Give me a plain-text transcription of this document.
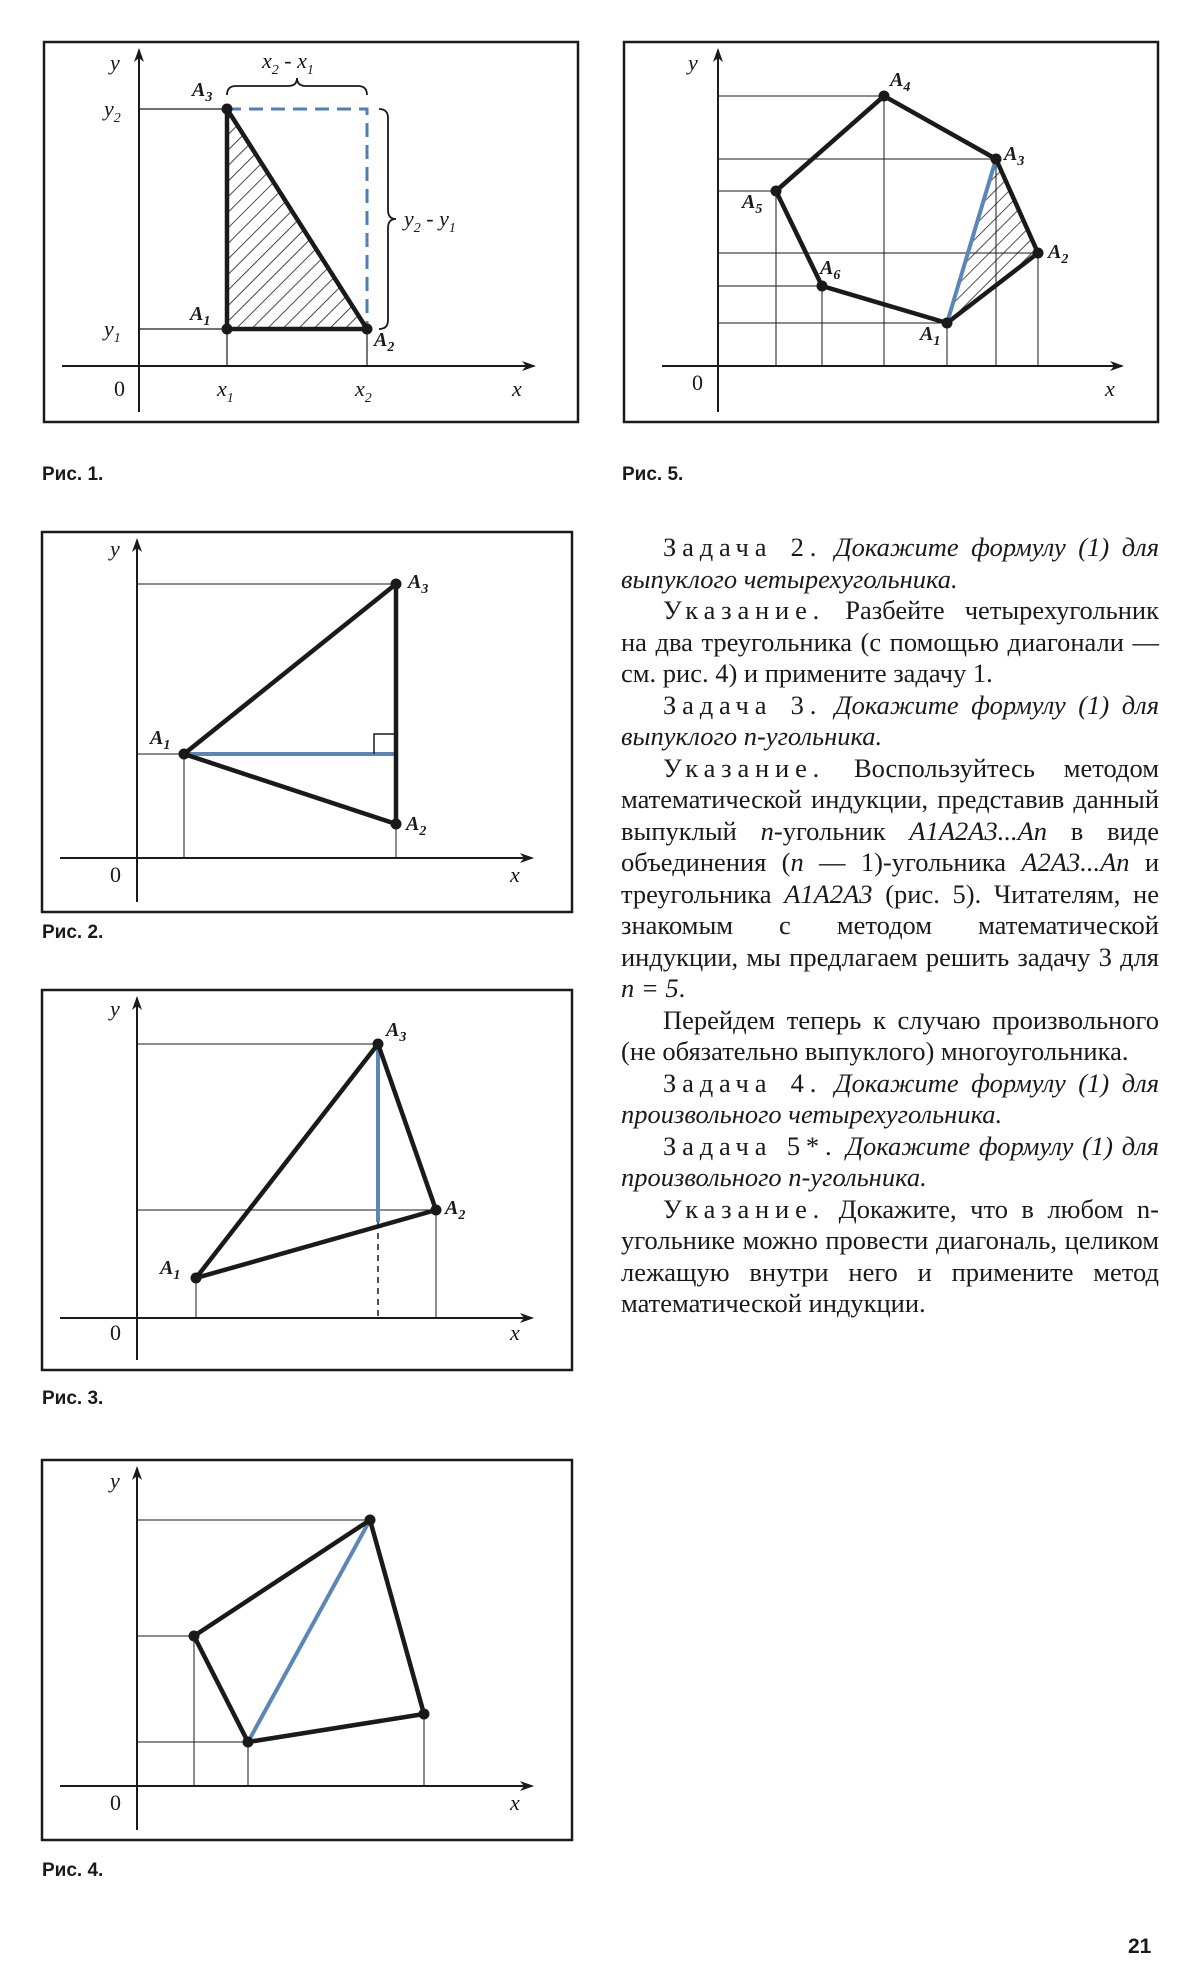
y
0	x
$y_2$
$y_1$
$x_1$	$x_2$
$A_3$
$A_1$
$A_2$
$x_2 - x_1$
$y_2 - y_1$

Рис. 1.

y
0	x
$A_4$
$A_3$
$A_2$
$A_5$
$A_6$
$A_1$

Рис. 5.

y
0	x
$A_3$
$A_1$
$A_2$

Рис. 2.

y
0	x
$A_3$
$A_2$
$A_1$

Рис. 3.

y
0	x

Рис. 4.

Задача 2. Докажите формулу (1) для выпуклого четырехугольника.

Указание. Разбейте четырехугольник на два треугольника (с помощью диагонали — см. рис. 4) и примените задачу 1.

Задача 3. Докажите формулу (1) для выпуклого n-угольника.

Указание. Воспользуйтесь методом математической индукции, представив данный выпуклый n-угольник A1A2A3...An в виде объединения (n — 1)-угольника A2A3...An и треугольника A1A2A3 (рис. 5). Читателям, не знакомым с методом математической индукции, мы предлагаем решить задачу 3 для n = 5.

Перейдем теперь к случаю произвольного (не обязательно выпуклого) многоугольника.

Задача 4. Докажите формулу (1) для произвольного четырехугольника.

Задача 5*. Докажите формулу (1) для произвольного n-угольника.

Указание. Докажите, что в любом n-угольнике можно провести диагональ, целиком лежащую внутри него и примените метод математической индукции.

21
